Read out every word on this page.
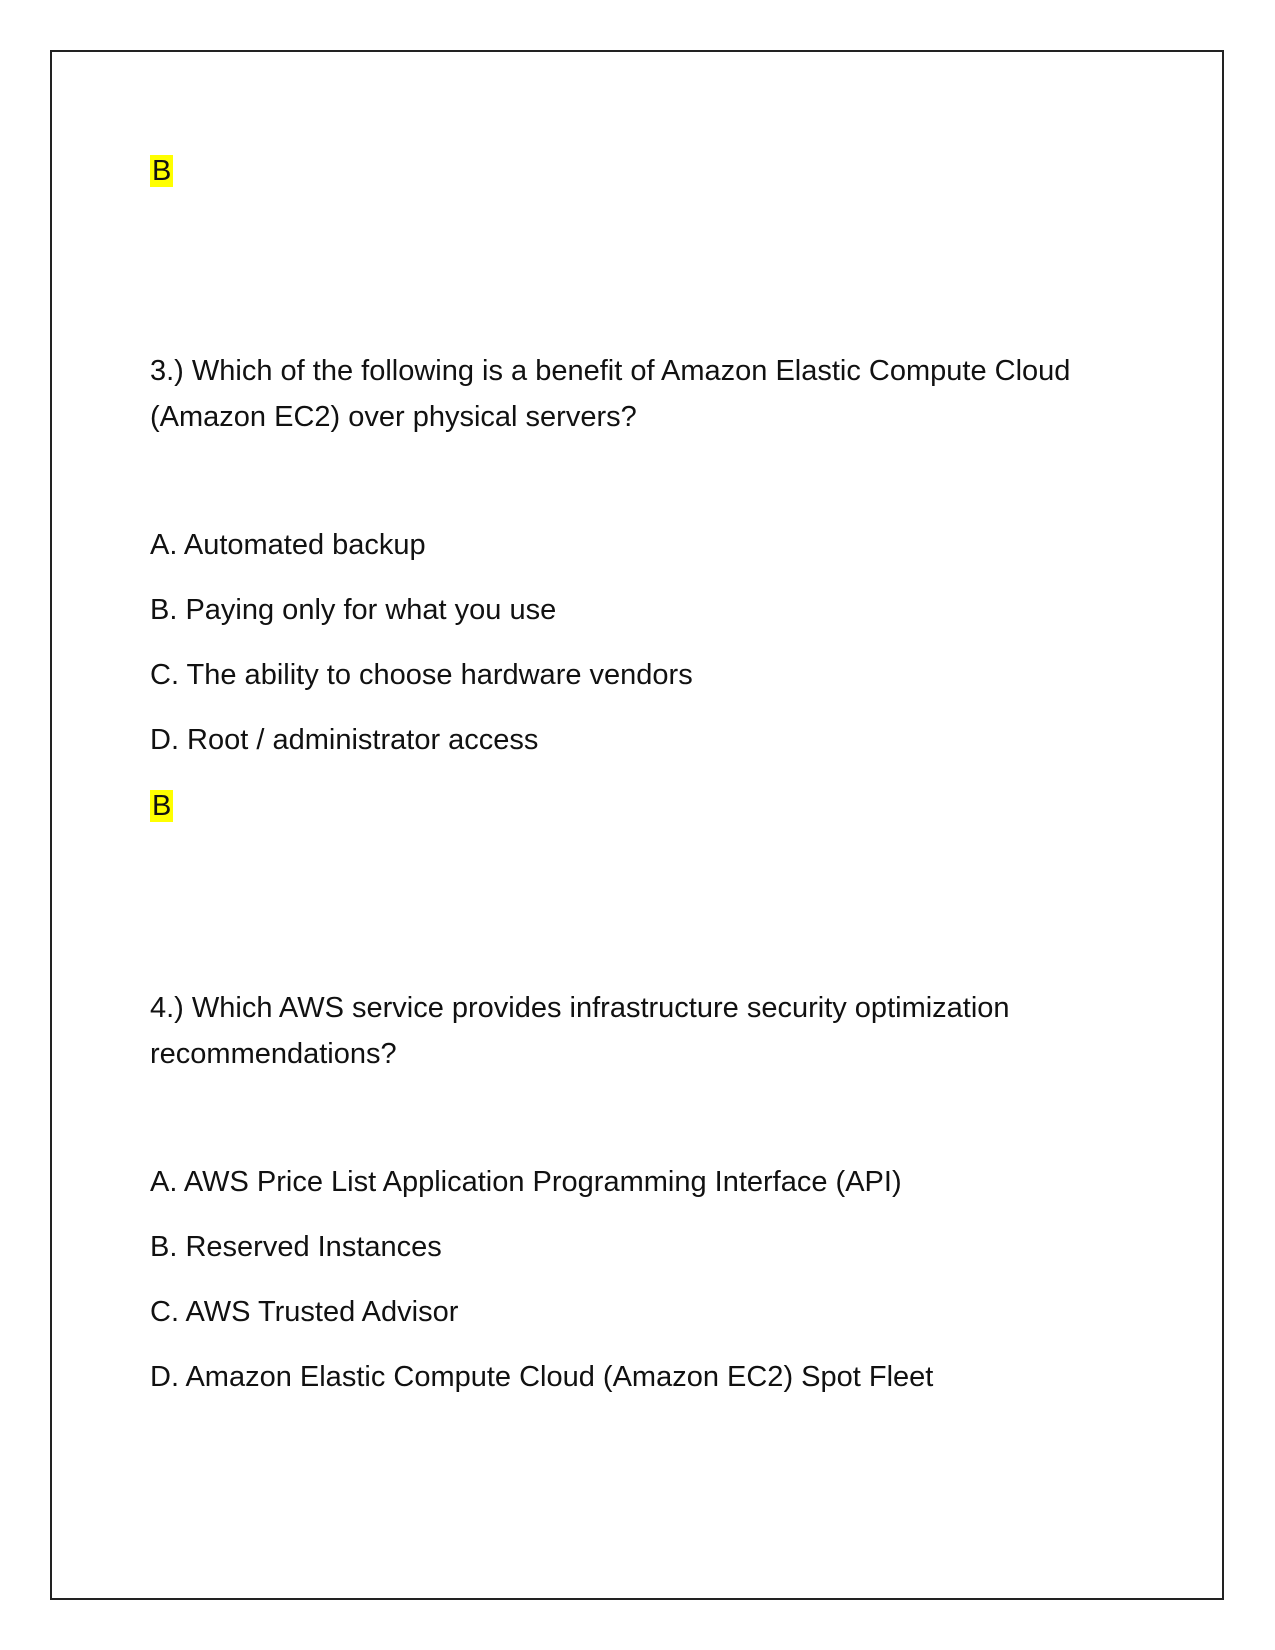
B
3.) Which of the following is a benefit of Amazon Elastic Compute Cloud
(Amazon EC2) over physical servers?
A. Automated backup
B. Paying only for what you use
C. The ability to choose hardware vendors
D. Root / administrator access
B
4.) Which AWS service provides infrastructure security optimization
recommendations?
A. AWS Price List Application Programming Interface (API)
B. Reserved Instances
C. AWS Trusted Advisor
D. Amazon Elastic Compute Cloud (Amazon EC2) Spot Fleet
